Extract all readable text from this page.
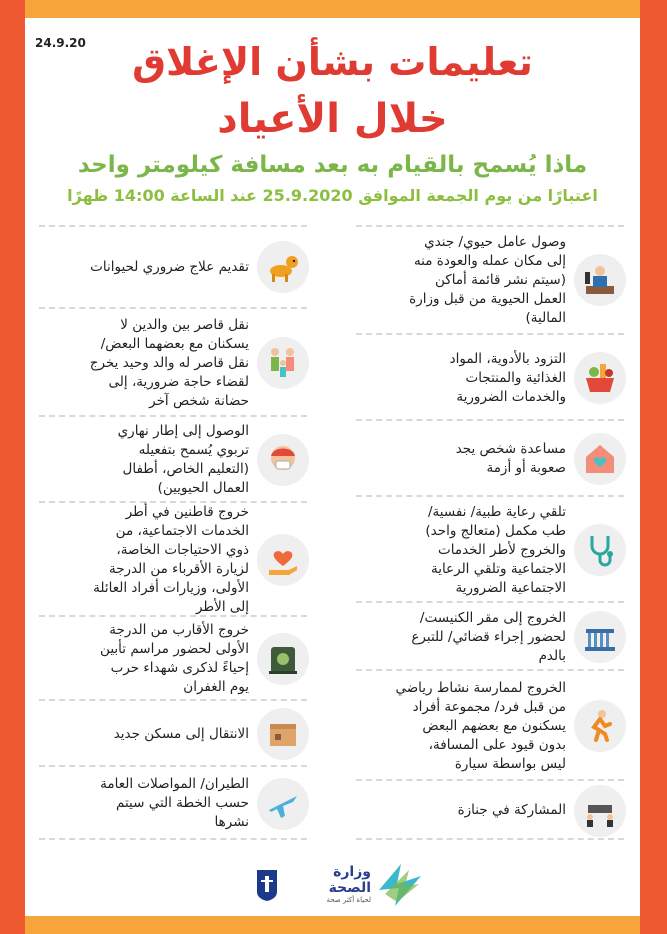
24.9.20	تعليمات بشأن الإغلاق
خلال الأعياد
ماذا يُسمح بالقيام به بعد مسافة كيلومتر واحد
اعتبارًا من يوم الجمعة الموافق 25.9.2020 عند الساعة 14:00 ظهرًا
وصول عامل حيوي/ جندي
إلى مكان عمله والعودة منه
(سيتم نشر قائمة أماكن
العمل الحيوية من قبل وزارة
المالية)
التزود بالأدوية، المواد
الغذائية والمنتجات
والخدمات الضرورية
مساعدة شخص يجد
صعوبة أو أزمة
تلقي رعاية طبية/ نفسية/
طب مكمل (متعالج واحد)
والخروج لأطر الخدمات
الاجتماعية وتلقي الرعاية
الاجتماعية الضرورية
الخروج إلى مقر الكنيست/
لحضور إجراء قضائي/ للتبرع
بالدم
الخروج لممارسة نشاط رياضي
من قبل فرد/ مجموعة أفراد
يسكنون مع بعضهم البعض
بدون قيود على المسافة،
ليس بواسطة سيارة
المشاركة في جنازة
تقديم علاج ضروري لحيوانات
نقل قاصر بين والدين لا
يسكنان مع بعضهما البعض/
نقل قاصر له والد وحيد يخرج
لقضاء حاجة ضرورية، إلى
حضانة شخص آخر
الوصول إلى إطار نهاري
تربوي يُسمح بتفعيله
(التعليم الخاص، أطفال
العمال الحيويين)
خروج قاطنين في أطر
الخدمات الاجتماعية، من
ذوي الاحتياجات الخاصة،
لزيارة الأقرباء من الدرجة
الأولى، وزيارات أفراد العائلة
إلى الأطر
خروج الأقارب من الدرجة
الأولى لحضور مراسم تأبين
إحياءً لذكرى شهداء حرب
يوم الغفران
الانتقال إلى مسكن جديد
الطيران/ المواصلات العامة
حسب الخطة التي سيتم
نشرها
وزارة
الصحة
لحياة أكثر صحة
